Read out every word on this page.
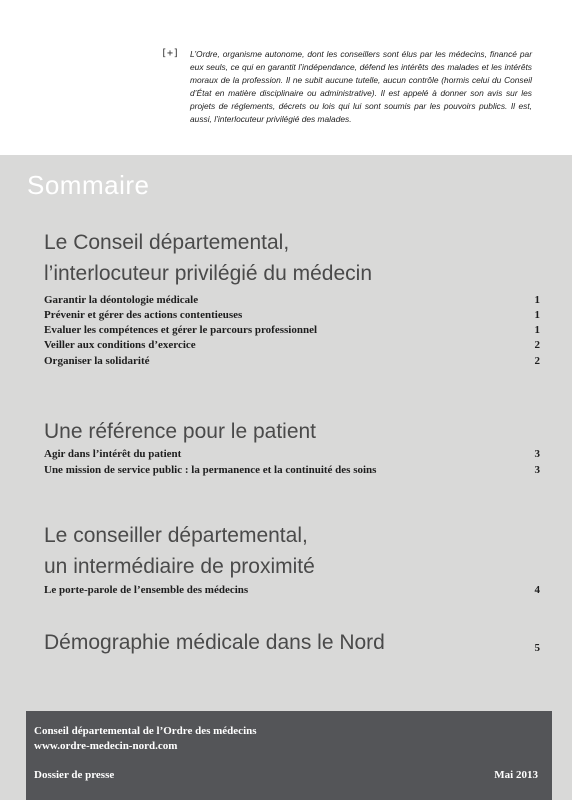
[+] L’Ordre, organisme autonome, dont les conseillers sont élus par les médecins, financé par eux seuls, ce qui en garantit l’indépendance, défend les intérêts des malades et les intérêts moraux de la profession. Il ne subit aucune tutelle, aucun contrôle (hormis celui du Conseil d’État en matière disciplinaire ou administrative). Il est appelé à donner son avis sur les projets de réglements, décrets ou lois qui lui sont soumis par les pouvoirs publics. Il est, aussi, l’interlocuteur privilégié des malades.
Sommaire
Le Conseil départemental,
l’interlocuteur privilégié du médecin
Garantir la déontologie médicale	1
Prévenir et gérer des actions contentieuses	1
Evaluer les compétences et gérer le parcours professionnel	1
Veiller aux conditions d’exercice	2
Organiser la solidarité	2
Une référence pour le patient
Agir dans l’intérêt du patient	3
Une mission de service public : la permanence et la continuité des soins	3
Le conseiller départemental,
un intermédiaire de proximité
Le porte-parole de l’ensemble des médecins	4
Démographie médicale dans le Nord	5
Conseil départemental de l’Ordre des médecins
www.ordre-medecin-nord.com
Dossier de presse	Mai 2013
